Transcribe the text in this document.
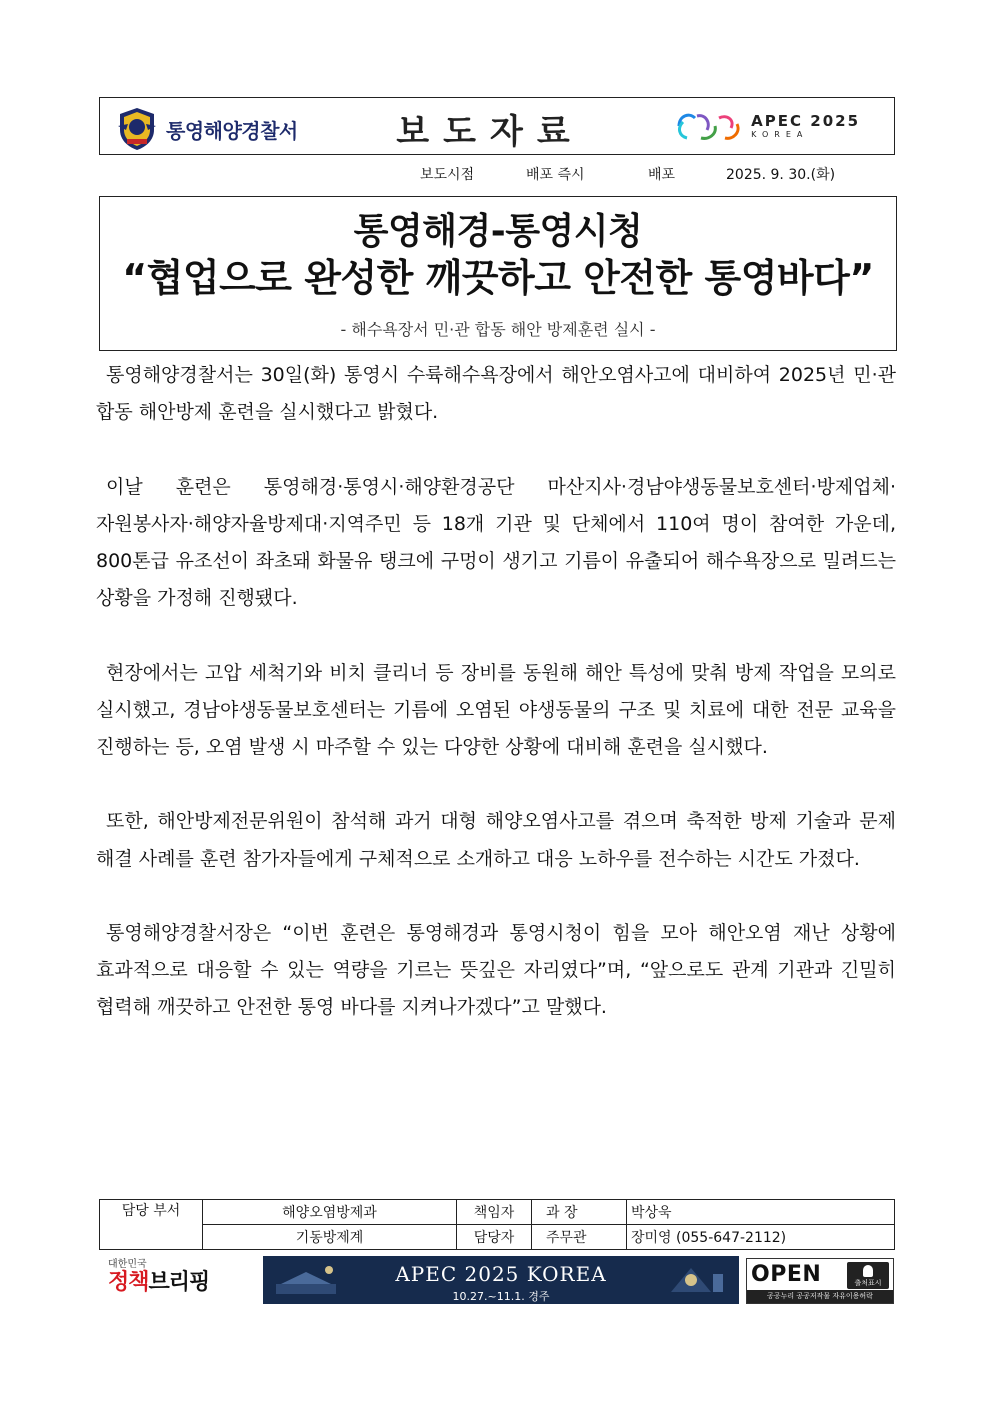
통영해양경찰서	보도자료	APEC 2025
KOREA
보도시점	배포 즉시	배포	2025. 9. 30.(화)
통영해경-통영시청
“협업으로 완성한 깨끗하고 안전한 통영바다”
- 해수욕장서 민·관 합동 해안 방제훈련 실시 -

통영해양경찰서는 30일(화) 통영시 수륙해수욕장에서 해안오염사고에 대비하여 2025년 민·관 합동 해안방제 훈련을 실시했다고 밝혔다.

이날 훈련은 통영해경·통영시·해양환경공단 마산지사·경남야생동물보호센터·방제업체·자원봉사자·해양자율방제대·지역주민 등 18개 기관 및 단체에서 110여 명이 참여한 가운데, 800톤급 유조선이 좌초돼 화물유 탱크에 구멍이 생기고 기름이 유출되어 해수욕장으로 밀려드는 상황을 가정해 진행됐다.

현장에서는 고압 세척기와 비치 클리너 등 장비를 동원해 해안 특성에 맞춰 방제 작업을 모의로 실시했고, 경남야생동물보호센터는 기름에 오염된 야생동물의 구조 및 치료에 대한 전문 교육을 진행하는 등, 오염 발생 시 마주할 수 있는 다양한 상황에 대비해 훈련을 실시했다.

또한, 해안방제전문위원이 참석해 과거 대형 해양오염사고를 겪으며 축적한 방제 기술과 문제 해결 사례를 훈련 참가자들에게 구체적으로 소개하고 대응 노하우를 전수하는 시간도 가졌다.

통영해양경찰서장은 “이번 훈련은 통영해경과 통영시청이 힘을 모아 해안오염 재난 상황에 효과적으로 대응할 수 있는 역량을 기르는 뜻깊은 자리였다”며, “앞으로도 관계 기관과 긴밀히 협력해 깨끗하고 안전한 통영 바다를 지켜나가겠다”고 말했다.

담당 부서	해양오염방제과	책임자	과 장	박상욱
	기동방제계	담당자	주무관	장미영 (055-647-2112)
대한민국
정책브리핑	APEC 2025 KOREA
10.27.~11.1. 경주
OPEN	출처표시
공공누리 공공저작물 자유이용허락
